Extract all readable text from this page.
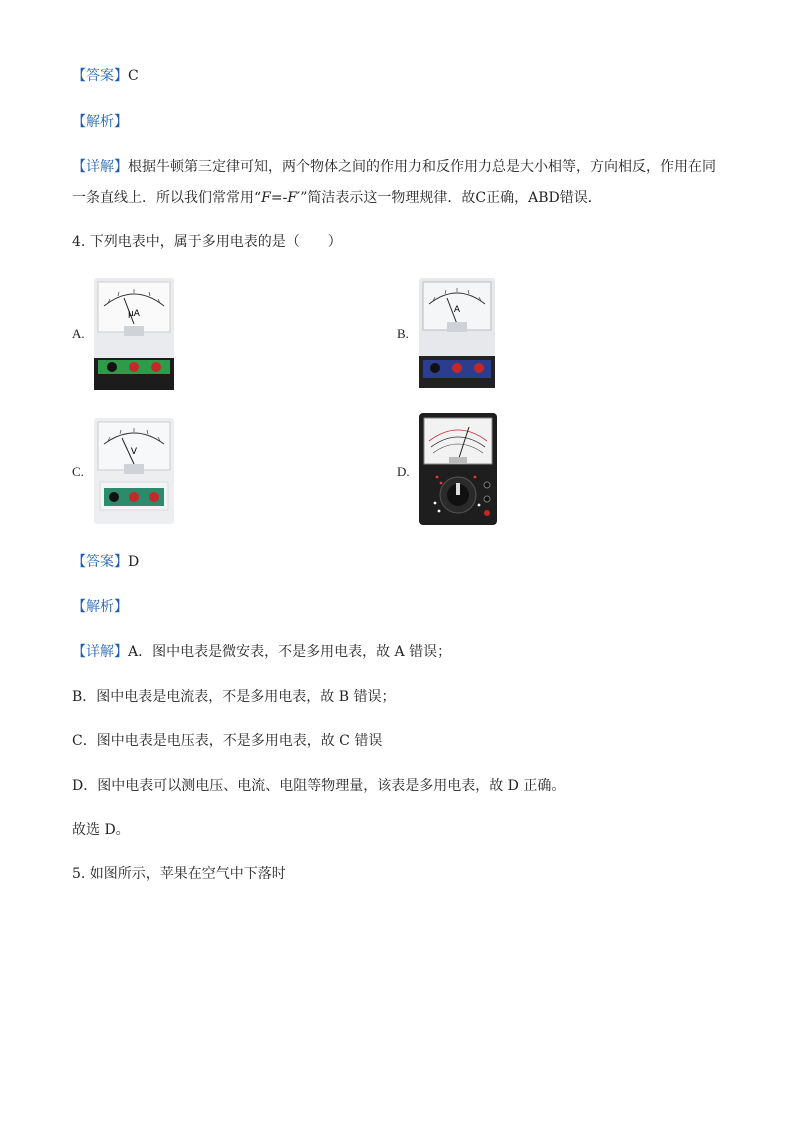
【答案】C
【解析】
【详解】根据牛顿第三定律可知，两个物体之间的作用力和反作用力总是大小相等，方向相反，作用在同
一条直线上．所以我们常常用“F=-F′”简洁表示这一物理规律．故C正确，ABD错误．
4. 下列电表中，属于多用电表的是（　　）
A.
μA
B.
A
C.
V
D.
【答案】D
【解析】
【详解】A．图中电表是微安表，不是多用电表，故 A 错误；
B．图中电表是电流表，不是多用电表，故 B 错误；
C．图中电表是电压表，不是多用电表，故 C 错误
D．图中电表可以测电压、电流、电阻等物理量，该表是多用电表，故 D 正确。
故选 D。
5. 如图所示，苹果在空气中下落时
